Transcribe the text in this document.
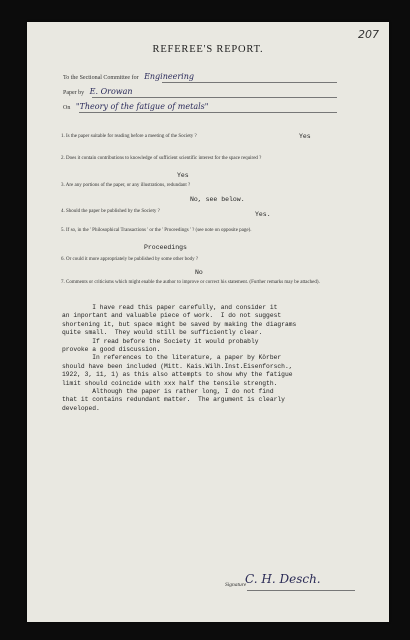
207
REFEREE'S REPORT.
To the Sectional Committee for Engineering
Paper by E. Orowan
On "Theory of the fatigue of metals"
1. Is the paper suitable for reading before a meeting of the Society ?	Yes
2. Does it contain contributions to knowledge of sufficient scientific interest for the space required ?
Yes
3. Are any portions of the paper, or any illustrations, redundant ?
No, see below.
4. Should the paper be published by the Society ?	Yes.
5. If so, in the ' Philosophical Transactions ' or the ' Proceedings ' ? (see note on opposite page).
Proceedings
6. Or could it more appropriately be published by some other body ?
No
7. Comments or criticisms which might enable the author to improve or correct his statement. (Further remarks may be attached).

I have read this paper carefully, and consider it

an inportant and valuable piece of work.  I do not suggest

shortening it, but space might be saved by making the diagrams

quite small.  They would still be sufficiently clear.

If read before the Society it would probably

provoke a good discussion.

In references to the literature, a paper by Körber

should have been included (Mitt. Kais.Wilh.Inst.Eisenforsch.,

1922, 3, 11, 1) as this also attempts to show why the fatigue

limit should coincide with xxx half the tensile strength.

Although the paper is rather long, I do not find

that it contains redundant matter.  The argument is clearly

developed.

Signature
C. H. Desch.
